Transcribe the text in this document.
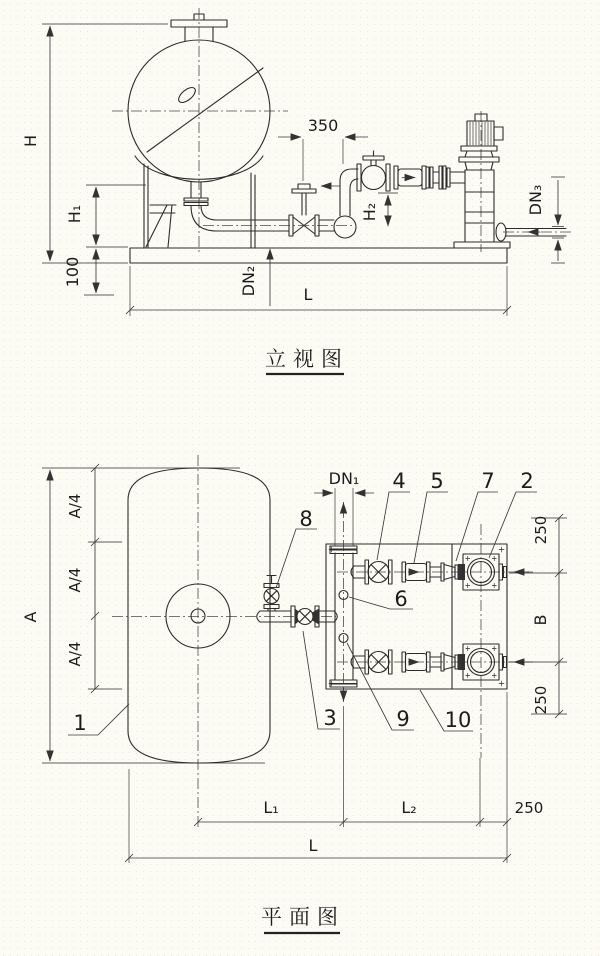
H
H₁
100
350
H₂
DN₂
DN₃
L
立视图
A
A/4
A/4
A/4
DN₁
250
B
250
L₁	L₂	250
L
1
8
4 5 7 2
6
3	9 10
平面图
